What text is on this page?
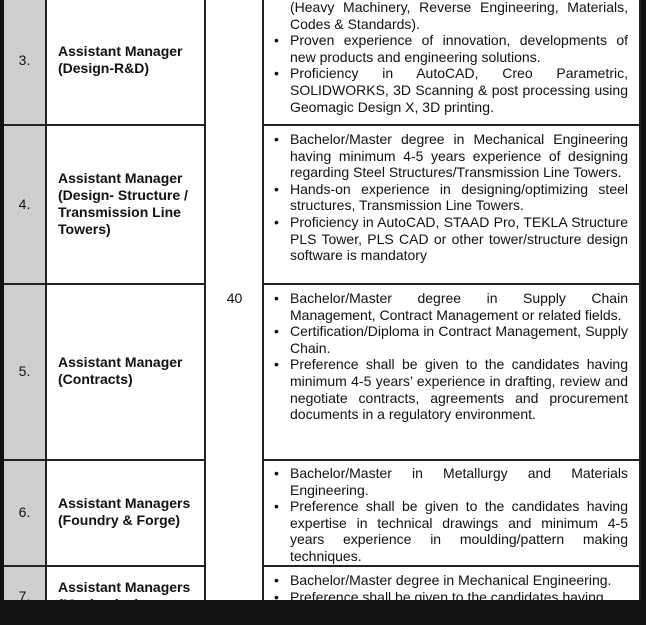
40
3.
Assistant Manager (Design-R&D)
(Heavy Machinery, Reverse Engineering, Materials, Codes & Standards).
• Proven experience of innovation, developments of new products and engineering solutions.
• Proficiency in AutoCAD, Creo Parametric, SOLIDWORKS, 3D Scanning & post processing using Geomagic Design X, 3D printing.
4.
Assistant Manager (Design- Structure / Transmission Line Towers)
• Bachelor/Master degree in Mechanical Engineering having minimum 4-5 years experience of designing regarding Steel Structures/Transmission Line Towers.
• Hands-on experience in designing/optimizing steel structures, Transmission Line Towers.
• Proficiency in AutoCAD, STAAD Pro, TEKLA Structure PLS Tower, PLS CAD or other tower/structure design software is mandatory
5.
Assistant Manager (Contracts)
• Bachelor/Master degree in Supply Chain Management, Contract Management or related fields.
• Certification/Diploma in Contract Management, Supply Chain.
• Preference shall be given to the candidates having minimum 4-5 years’ experience in drafting, review and negotiate contracts, agreements and procurement documents in a regulatory environment.
6.
Assistant Managers (Foundry & Forge)
• Bachelor/Master in Metallurgy and Materials Engineering.
• Preference shall be given to the candidates having expertise in technical drawings and minimum 4-5 years experience in moulding/pattern making techniques.
7.
Assistant Managers (Mechanical
• Bachelor/Master degree in Mechanical Engineering.
• Preference shall be given to the candidates having
